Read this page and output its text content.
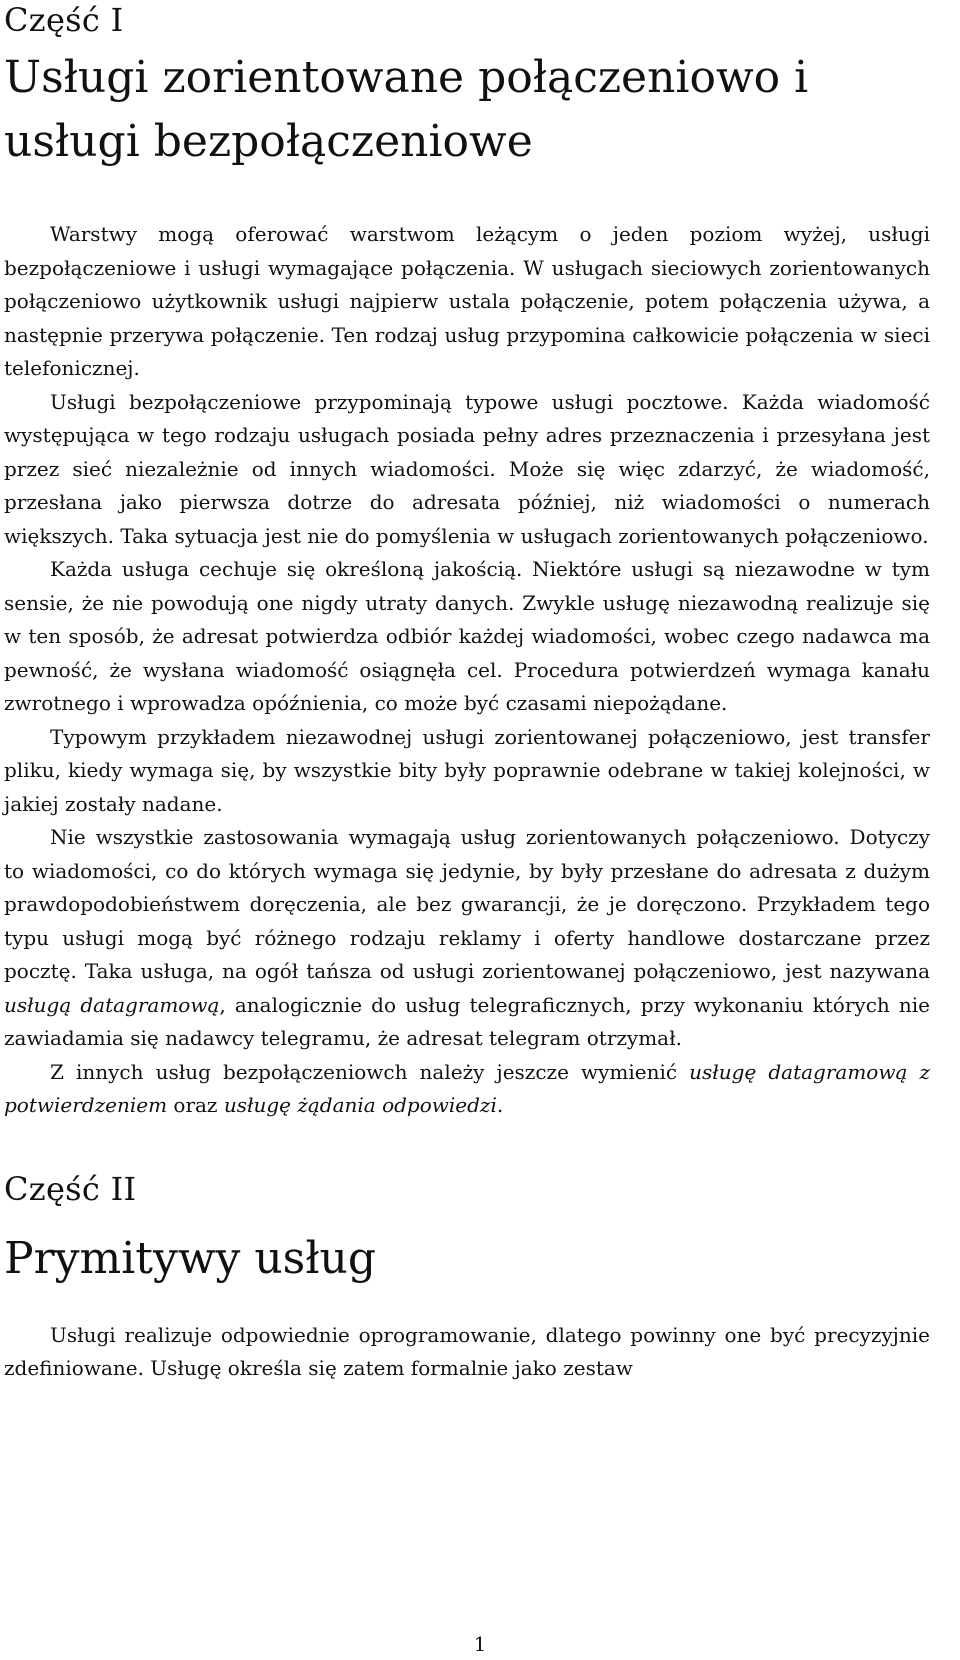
Część I
Usługi zorientowane połączeniowo i
usługi bezpołączeniowe

Warstwy mogą oferować warstwom leżącym o jeden poziom wyżej, usługi bezpołączeniowe i usługi wymagające połączenia. W usługach sieciowych zorientowanych połączeniowo użytkownik usługi najpierw ustala połączenie, potem połączenia używa, a następnie przerywa połączenie. Ten rodzaj usług przypomina całkowicie połączenia w sieci telefonicznej.

Usługi bezpołączeniowe przypominają typowe usługi pocztowe. Każda wiadomość występująca w tego rodzaju usługach posiada pełny adres przeznaczenia i przesyłana jest przez sieć niezależnie od innych wiadomości. Może się więc zdarzyć, że wiadomość, przesłana jako pierwsza dotrze do adresata później, niż wiadomości o numerach większych. Taka sytuacja jest nie do pomyślenia w usługach zorientowanych połączeniowo.

Każda usługa cechuje się określoną jakością. Niektóre usługi są niezawodne w tym sensie, że nie powodują one nigdy utraty danych. Zwykle usługę niezawodną realizuje się w ten sposób, że adresat potwierdza odbiór każdej wiadomości, wobec czego nadawca ma pewność, że wysłana wiadomość osiągnęła cel. Procedura potwierdzeń wymaga kanału zwrotnego i wprowadza opóźnienia, co może być czasami niepożądane.

Typowym przykładem niezawodnej usługi zorientowanej połączeniowo, jest transfer pliku, kiedy wymaga się, by wszystkie bity były poprawnie odebrane w takiej kolejności, w jakiej zostały nadane.

Nie wszystkie zastosowania wymagają usług zorientowanych połączeniowo. Dotyczy to wiadomości, co do których wymaga się jedynie, by były przesłane do adresata z dużym prawdopodobieństwem doręczenia, ale bez gwarancji, że je doręczono. Przykładem tego typu usługi mogą być różnego rodzaju reklamy i oferty handlowe dostarczane przez pocztę. Taka usługa, na ogół tańsza od usługi zorientowanej połączeniowo, jest nazywana usługą datagramową, analogicznie do usług telegraficznych, przy wykonaniu których nie zawiadamia się nadawcy telegramu, że adresat telegram otrzymał.

Z innych usług bezpołączeniowch należy jeszcze wymienić usługę datagramową z potwierdzeniem oraz usługę żądania odpowiedzi.

Część II
Prymitywy usług

Usługi realizuje odpowiednie oprogramowanie, dlatego powinny one być precyzyjnie zdefiniowane. Usługę określa się zatem formalnie jako zestaw

1
